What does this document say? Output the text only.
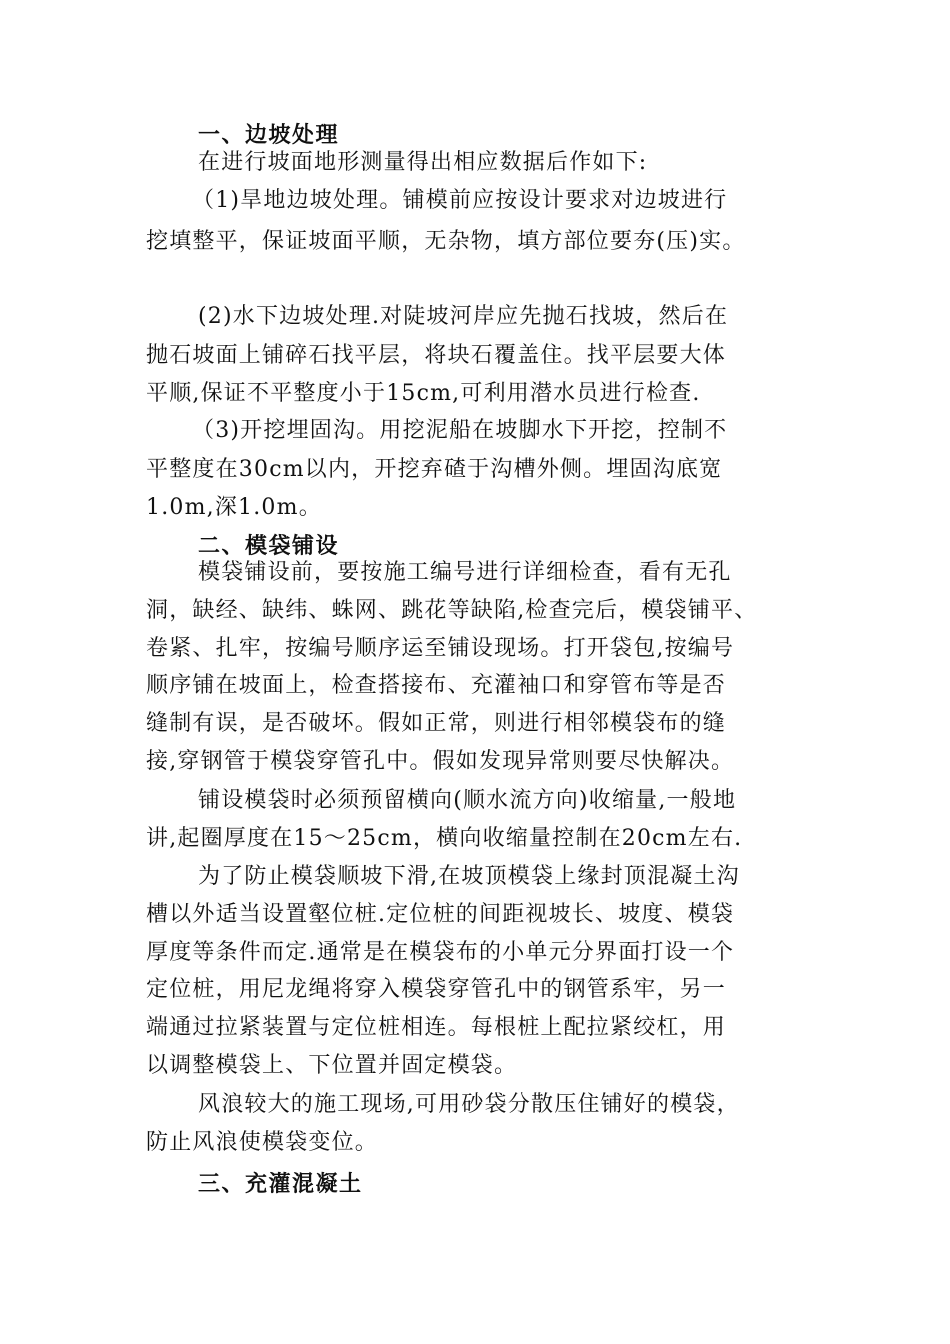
一、边坡处理
在进行坡面地形测量得出相应数据后作如下:
（1)旱地边坡处理。铺模前应按设计要求对边坡进行
挖填整平，保证坡面平顺，无杂物，填方部位要夯(压)实。
(2)水下边坡处理.对陡坡河岸应先抛石找坡，然后在
抛石坡面上铺碎石找平层，将块石覆盖住。找平层要大体
平顺,保证不平整度小于15cm,可利用潜水员进行检查.
（3)开挖埋固沟。用挖泥船在坡脚水下开挖，控制不
平整度在30cm以内，开挖弃碴于沟槽外侧。埋固沟底宽
1.0m,深1.0m。
二、模袋铺设
模袋铺设前，要按施工编号进行详细检查，看有无孔
洞，缺经、缺纬、蛛网、跳花等缺陷,检查完后，模袋铺平、
卷紧、扎牢，按编号顺序运至铺设现场。打开袋包,按编号
顺序铺在坡面上，检查搭接布、充灌袖口和穿管布等是否
缝制有误，是否破坏。假如正常，则进行相邻模袋布的缝
接,穿钢管于模袋穿管孔中。假如发现异常则要尽快解决。
铺设模袋时必须预留横向(顺水流方向)收缩量,一般地
讲,起圈厚度在15～25cm，横向收缩量控制在20cm左右.
为了防止模袋顺坡下滑,在坡顶模袋上缘封顶混凝土沟
槽以外适当设置壑位桩.定位桩的间距视坡长、坡度、模袋
厚度等条件而定.通常是在模袋布的小单元分界面打设一个
定位桩，用尼龙绳将穿入模袋穿管孔中的钢管系牢，另一
端通过拉紧装置与定位桩相连。每根桩上配拉紧绞杠，用
以调整模袋上、下位置并固定模袋。
风浪较大的施工现场,可用砂袋分散压住铺好的模袋，
防止风浪使模袋变位。
三、充灌混凝土
